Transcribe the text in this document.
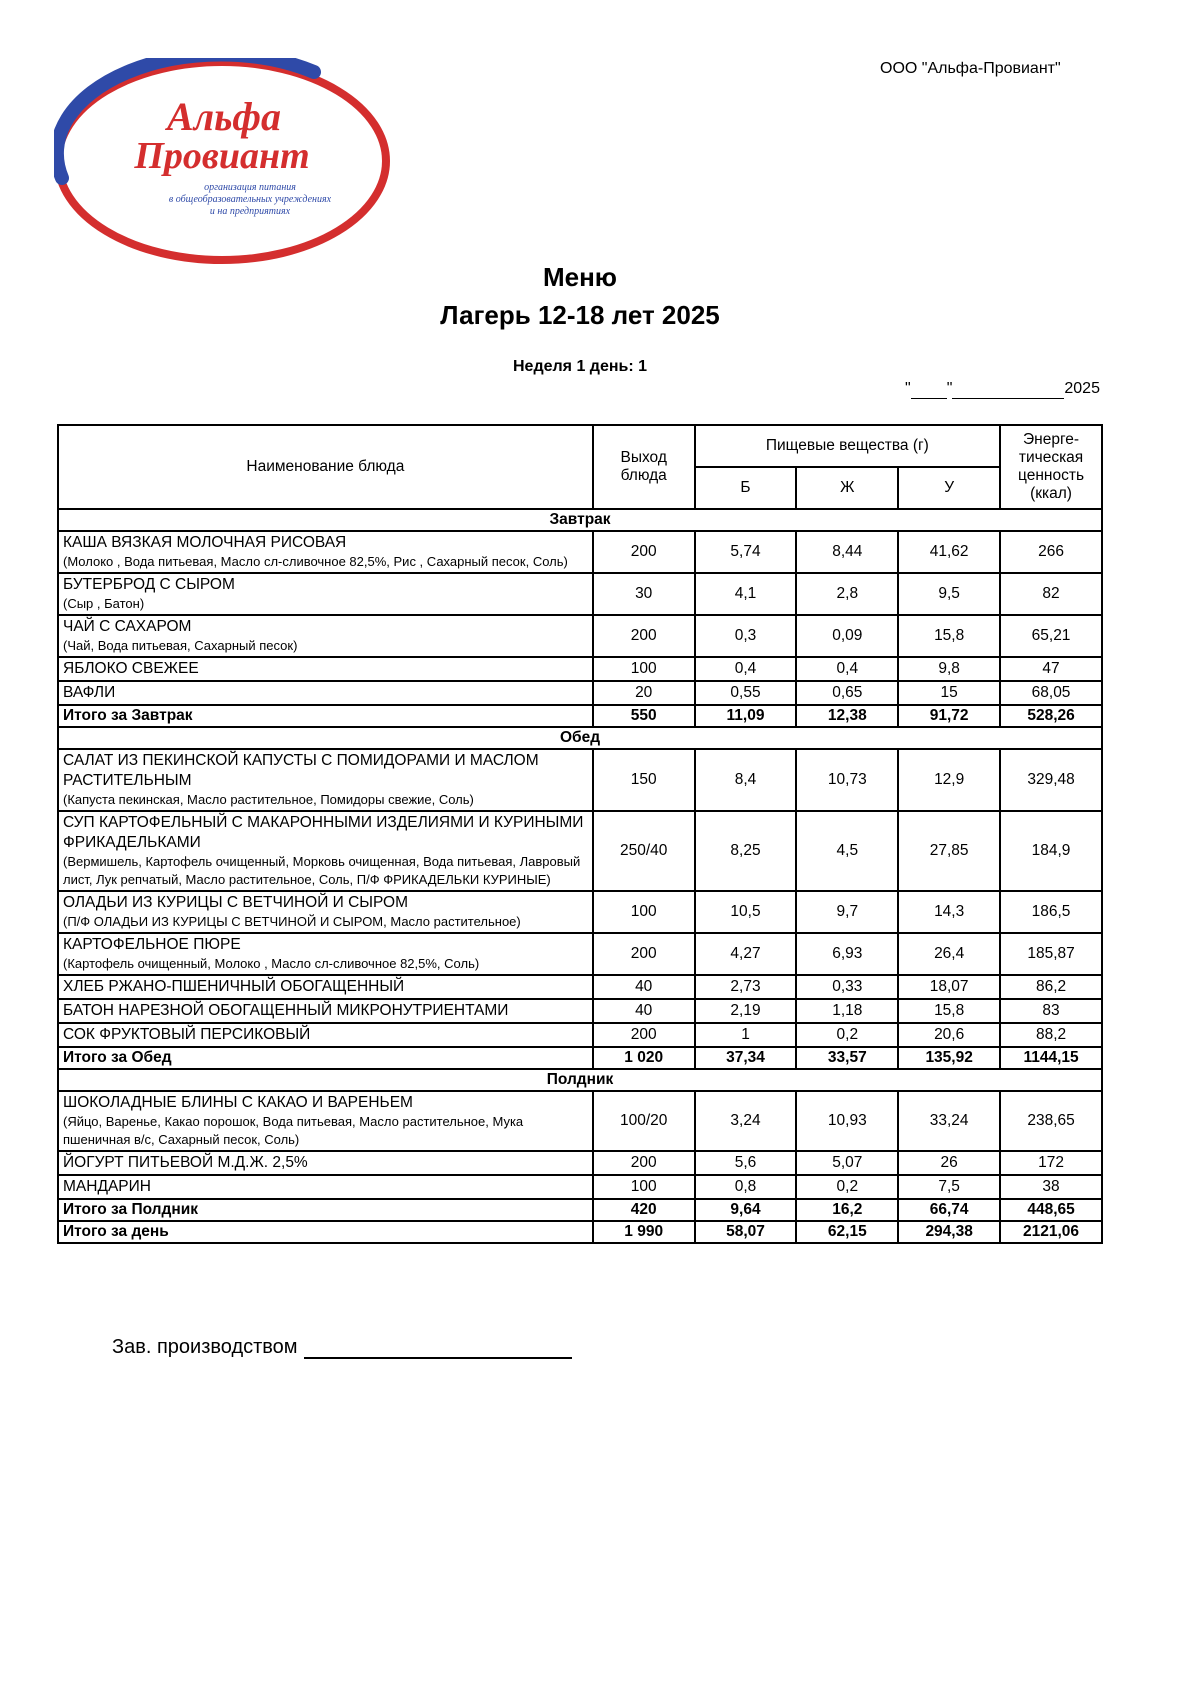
ООО "Альфа-Провиант"
Альфа
Провиант
организация питания
в общеобразовательных учреждениях
и на предприятиях
Меню
Лагерь 12-18 лет 2025
Неделя 1 день: 1
" "	2025
Наименование блюда	Выход блюда	Пищевые вещества (г)			Энерге-тическая ценность (ккал)
		Б	Ж	У	
Завтрак					

КАША ВЯЗКАЯ МОЛОЧНАЯ РИСОВАЯ
(Молоко , Вода питьевая, Масло сл-сливочное 82,5%, Рис , Сахарный песок, Соль)	200	5,74	8,44	41,62	266

БУТЕРБРОД С СЫРОМ
(Сыр , Батон)	30	4,1	2,8	9,5	82

ЧАЙ С САХАРОМ
(Чай, Вода питьевая, Сахарный песок)	200	0,3	0,09	15,8	65,21

ЯБЛОКО СВЕЖЕЕ	100	0,4	0,4	9,8	47

ВАФЛИ	20	0,55	0,65	15	68,05
Итого за Завтрак	550	11,09	12,38	91,72	528,26
Обед					

САЛАТ ИЗ ПЕКИНСКОЙ КАПУСТЫ С ПОМИДОРАМИ И МАСЛОМ РАСТИТЕЛЬНЫМ
(Капуста пекинская, Масло растительное, Помидоры свежие, Соль)	150	8,4	10,73	12,9	329,48

СУП КАРТОФЕЛЬНЫЙ С МАКАРОННЫМИ ИЗДЕЛИЯМИ И КУРИНЫМИ ФРИКАДЕЛЬКАМИ
(Вермишель, Картофель очищенный, Морковь очищенная, Вода питьевая, Лавровый лист, Лук репчатый, Масло растительное, Соль, П/Ф ФРИКАДЕЛЬКИ КУРИНЫЕ)	250/40	8,25	4,5	27,85	184,9

ОЛАДЬИ ИЗ КУРИЦЫ С ВЕТЧИНОЙ И СЫРОМ
(П/Ф ОЛАДЬИ ИЗ КУРИЦЫ С ВЕТЧИНОЙ И СЫРОМ, Масло растительное)	100	10,5	9,7	14,3	186,5

КАРТОФЕЛЬНОЕ ПЮРЕ
(Картофель очищенный, Молоко , Масло сл-сливочное 82,5%, Соль)	200	4,27	6,93	26,4	185,87

ХЛЕБ РЖАНО-ПШЕНИЧНЫЙ ОБОГАЩЕННЫЙ	40	2,73	0,33	18,07	86,2

БАТОН НАРЕЗНОЙ ОБОГАЩЕННЫЙ МИКРОНУТРИЕНТАМИ	40	2,19	1,18	15,8	83

СОК ФРУКТОВЫЙ ПЕРСИКОВЫЙ	200	1	0,2	20,6	88,2
Итого за Обед	1 020	37,34	33,57	135,92	1144,15
Полдник					

ШОКОЛАДНЫЕ БЛИНЫ С КАКАО И ВАРЕНЬЕМ
(Яйцо, Варенье, Какао порошок, Вода питьевая, Масло растительное, Мука пшеничная в/с, Сахарный песок, Соль)	100/20	3,24	10,93	33,24	238,65

ЙОГУРТ ПИТЬЕВОЙ М.Д.Ж. 2,5%	200	5,6	5,07	26	172

МАНДАРИН	100	0,8	0,2	7,5	38
Итого за Полдник	420	9,64	16,2	66,74	448,65
Итого за день	1 990	58,07	62,15	294,38	2121,06
Зав. производством
